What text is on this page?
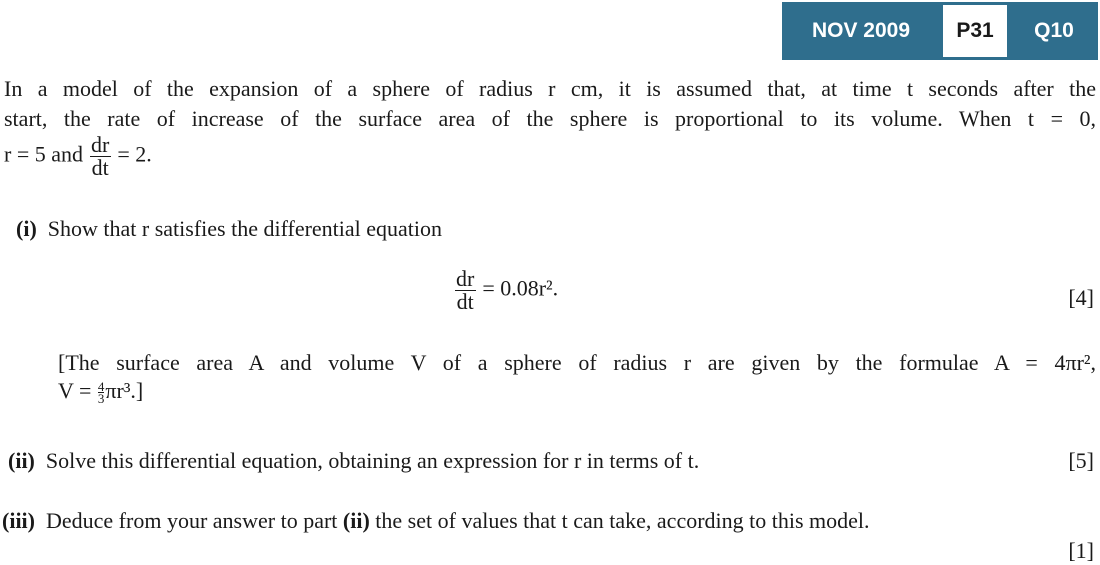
NOV 2009	P31	Q10
In a model of the expansion of a sphere of radius r cm, it is assumed that, at time t seconds after the
start, the rate of increase of the surface area of the sphere is proportional to its volume. When t = 0,
r = 5 and $\frac{dr}{dt} = 2$.
(i) Show that r satisfies the differential equation
$\frac{dr}{dt} = 0.08r^2$.	[4]
[The surface area A and volume V of a sphere of radius r are given by the formulae A = 4πr²,
$V = \frac{4}{3} \pi r^3$.]
(ii) Solve this differential equation, obtaining an expression for r in terms of t.	[5]
(iii) Deduce from your answer to part (ii) the set of values that t can take, according to this model.
[1]
